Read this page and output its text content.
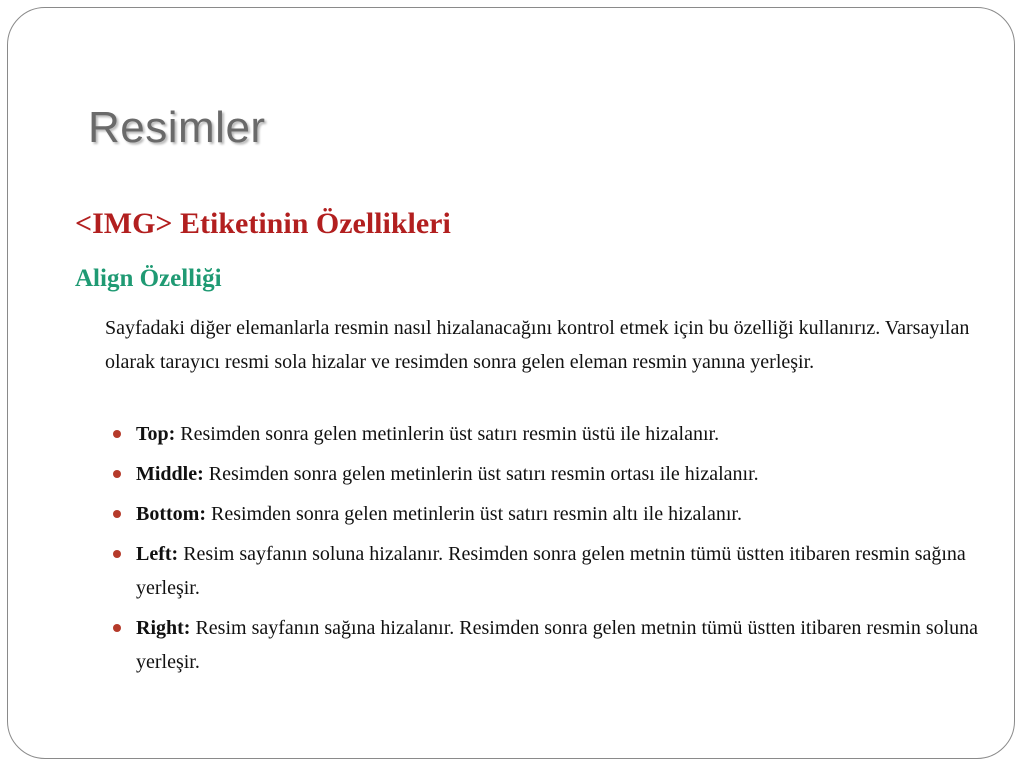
Resimler
<IMG> Etiketinin Özellikleri
Align Özelliği

Sayfadaki diğer elemanlarla resmin nasıl hizalanacağını kontrol etmek için bu özelliği kullanırız. Varsayılan olarak tarayıcı resmi sola hizalar ve resimden sonra gelen eleman resmin yanına yerleşir.

Top: Resimden sonra gelen metinlerin üst satırı resmin üstü ile hizalanır.
Middle: Resimden sonra gelen metinlerin üst satırı resmin ortası ile hizalanır.
Bottom: Resimden sonra gelen metinlerin üst satırı resmin altı ile hizalanır.
Left: Resim sayfanın soluna hizalanır. Resimden sonra gelen metnin tümü üstten itibaren resmin sağına yerleşir.
Right: Resim sayfanın sağına hizalanır. Resimden sonra gelen metnin tümü üstten itibaren resmin soluna yerleşir.
